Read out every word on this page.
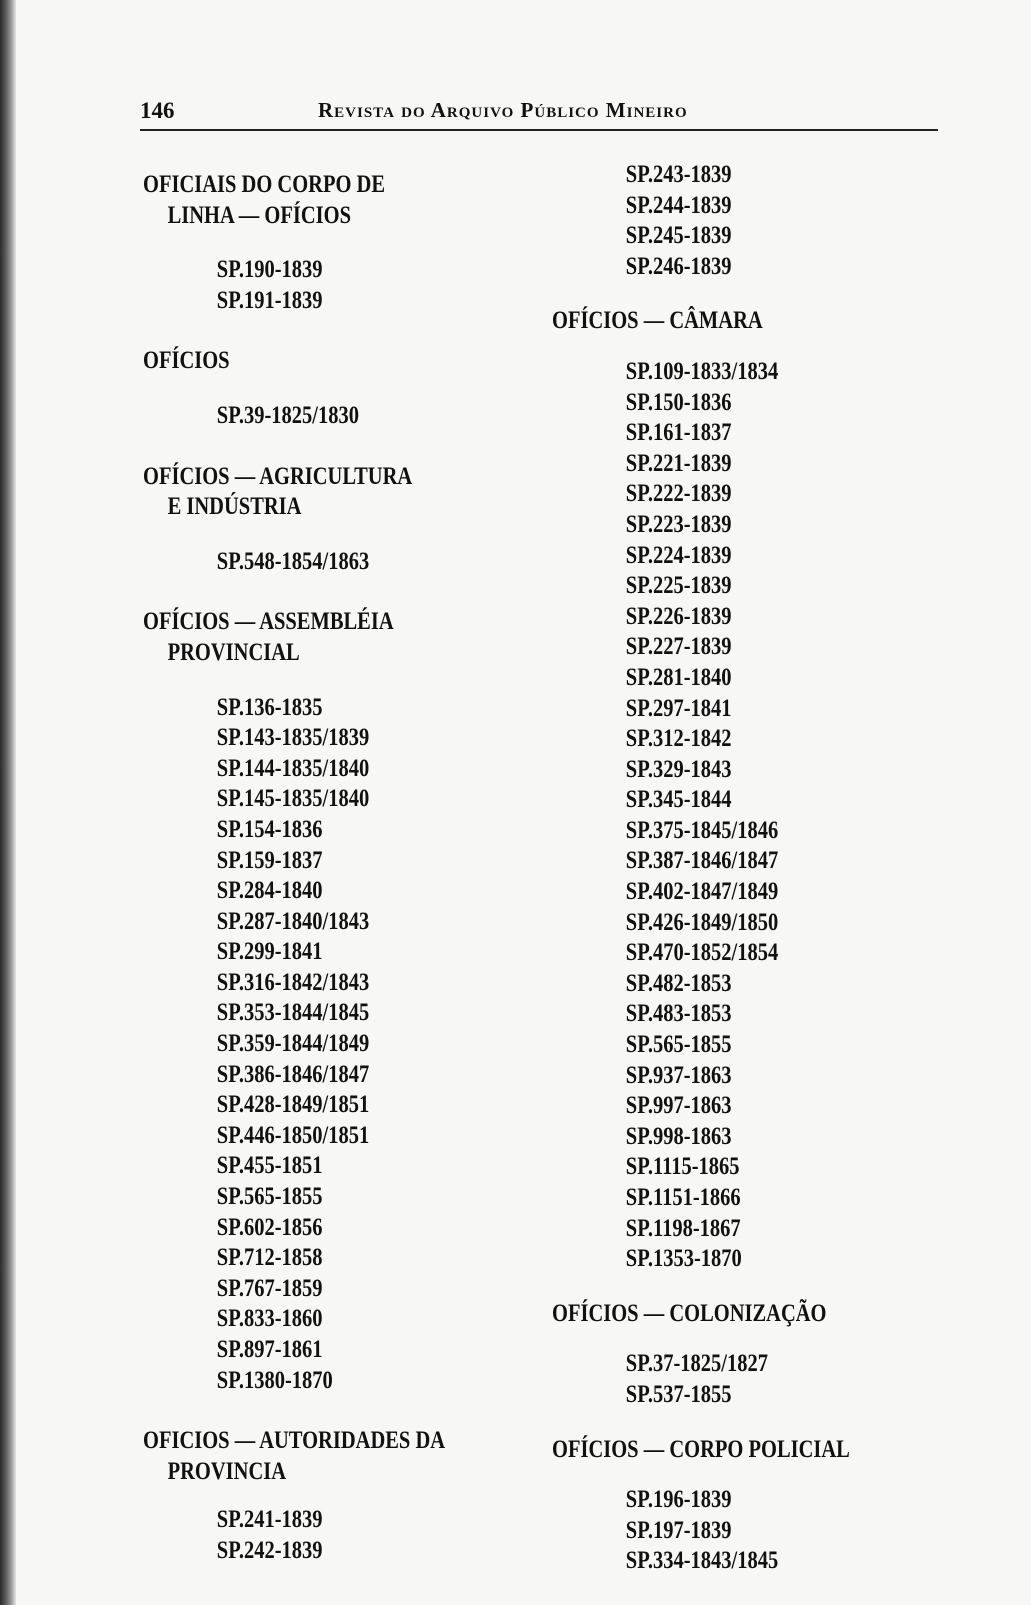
146	Revista do Arquivo Público Mineiro
OFICIAIS DO CORPO DE
LINHA — OFÍCIOS
SP.190-1839
SP.191-1839
OFÍCIOS
SP.39-1825/1830
OFÍCIOS — AGRICULTURA
E INDÚSTRIA
SP.548-1854/1863
OFÍCIOS — ASSEMBLÉIA
PROVINCIAL
SP.136-1835
SP.143-1835/1839
SP.144-1835/1840
SP.145-1835/1840
SP.154-1836
SP.159-1837
SP.284-1840
SP.287-1840/1843
SP.299-1841
SP.316-1842/1843
SP.353-1844/1845
SP.359-1844/1849
SP.386-1846/1847
SP.428-1849/1851
SP.446-1850/1851
SP.455-1851
SP.565-1855
SP.602-1856
SP.712-1858
SP.767-1859
SP.833-1860
SP.897-1861
SP.1380-1870
OFICIOS — AUTORIDADES DA
PROVINCIA
SP.241-1839
SP.242-1839
SP.243-1839
SP.244-1839
SP.245-1839
SP.246-1839
OFÍCIOS — CÂMARA
SP.109-1833/1834
SP.150-1836
SP.161-1837
SP.221-1839
SP.222-1839
SP.223-1839
SP.224-1839
SP.225-1839
SP.226-1839
SP.227-1839
SP.281-1840
SP.297-1841
SP.312-1842
SP.329-1843
SP.345-1844
SP.375-1845/1846
SP.387-1846/1847
SP.402-1847/1849
SP.426-1849/1850
SP.470-1852/1854
SP.482-1853
SP.483-1853
SP.565-1855
SP.937-1863
SP.997-1863
SP.998-1863
SP.1115-1865
SP.1151-1866
SP.1198-1867
SP.1353-1870
OFÍCIOS — COLONIZAÇÃO
SP.37-1825/1827
SP.537-1855
OFÍCIOS — CORPO POLICIAL
SP.196-1839
SP.197-1839
SP.334-1843/1845
